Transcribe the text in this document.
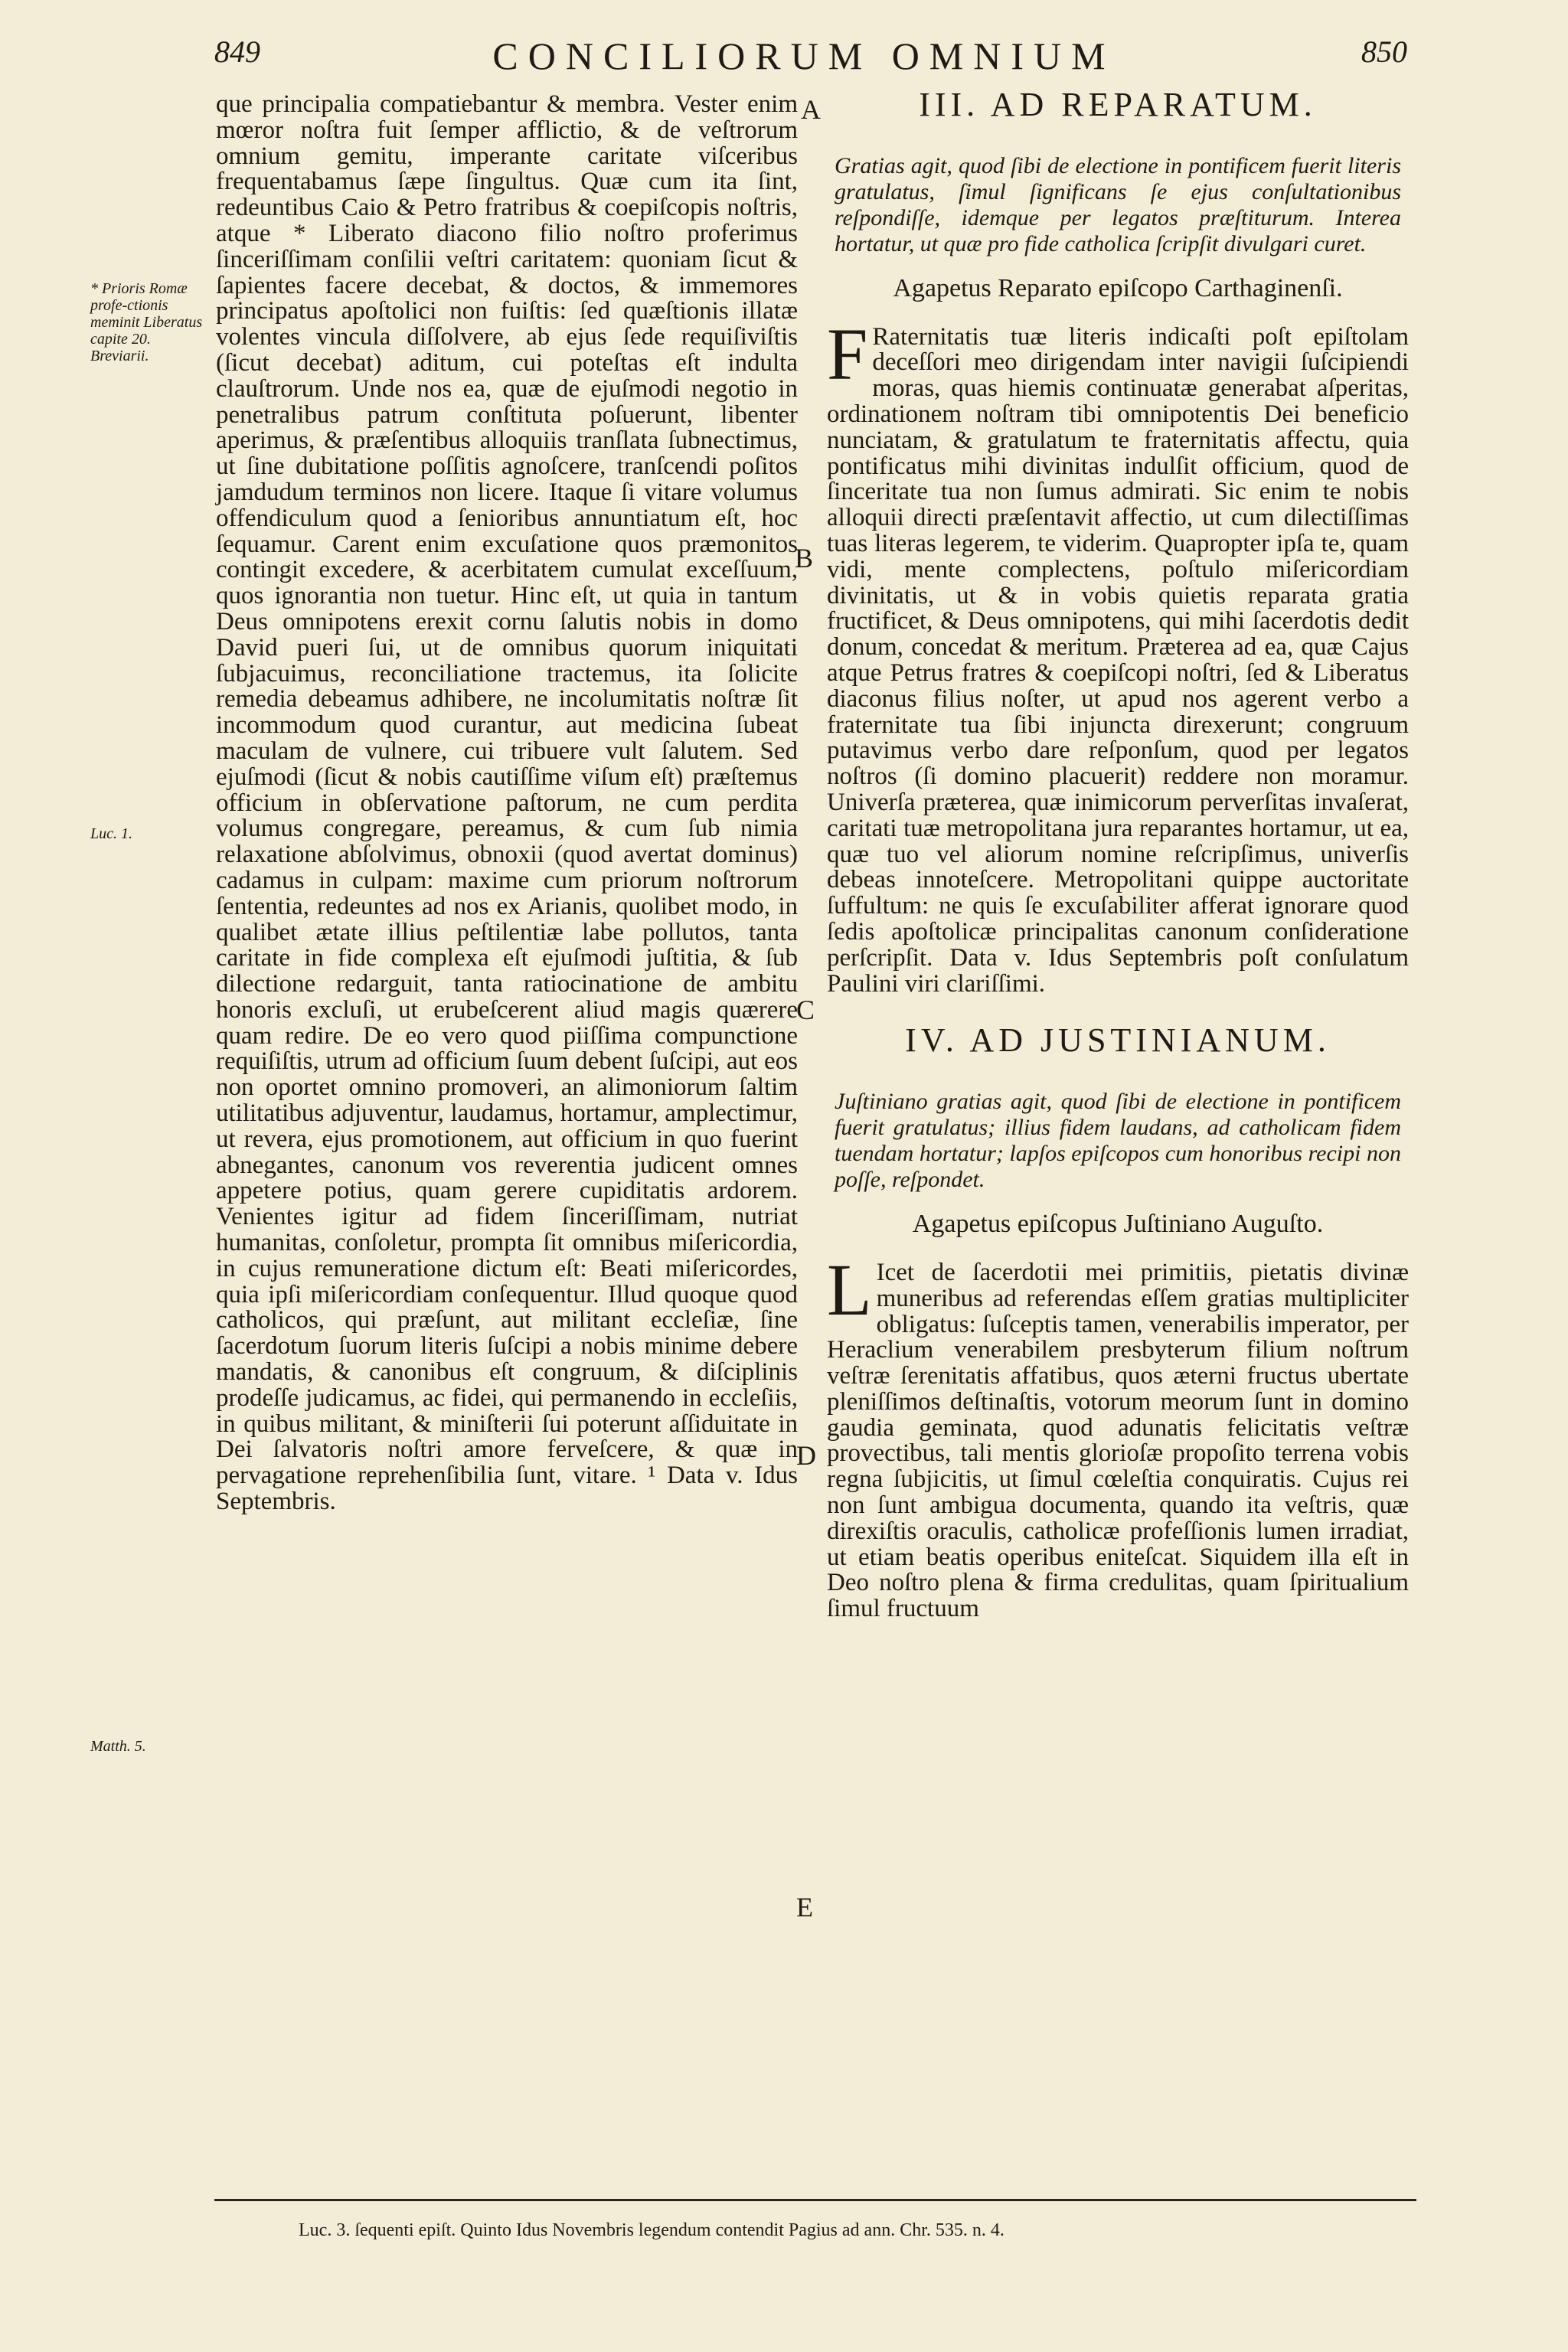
849	CONCILIORUM OMNIUM	850

que principalia compatiebantur & membra. Vester enim mœror noſtra fuit ſemper afflictio, & de veſtrorum omnium gemitu, imperante caritate viſceribus frequentabamus ſæpe ſingultus. Quæ cum ita ſint, redeuntibus Caio & Petro fratribus & coepiſcopis noſtris, atque * Liberato diacono filio noſtro proferimus ſinceriſſimam conſilii veſtri caritatem: quoniam ſicut & ſapientes facere decebat, & doctos, & immemores principatus apoſtolici non fuiſtis: ſed quæſtionis illatæ volentes vincula diſſolvere, ab ejus ſede requiſiviſtis (ſicut decebat) aditum, cui poteſtas eſt indulta clauſtrorum. Unde nos ea, quæ de ejuſmodi negotio in penetralibus patrum conſtituta poſuerunt, libenter aperimus, & præſentibus alloquiis tranſlata ſubnectimus, ut ſine dubitatione poſſitis agnoſcere, tranſcendi poſitos jamdudum terminos non licere. Itaque ſi vitare volumus offendiculum quod a ſenioribus annuntiatum eſt, hoc ſequamur. Carent enim excuſatione quos præmonitos contingit excedere, & acerbitatem cumulat exceſſuum, quos ignorantia non tuetur. Hinc eſt, ut quia in tantum Deus omnipotens erexit cornu ſalutis nobis in domo David pueri ſui, ut de omnibus quorum iniquitati ſubjacuimus, reconciliatione tractemus, ita ſolicite remedia debeamus adhibere, ne incolumitatis noſtræ ſit incommodum quod curantur, aut medicina ſubeat maculam de vulnere, cui tribuere vult ſalutem. Sed ejuſmodi (ſicut & nobis cautiſſime viſum eſt) præſtemus officium in obſervatione paſtorum, ne cum perdita volumus congregare, pereamus, & cum ſub nimia relaxatione abſolvimus, obnoxii (quod avertat dominus) cadamus in culpam: maxime cum priorum noſtrorum ſententia, redeuntes ad nos ex Arianis, quolibet modo, in qualibet ætate illius peſtilentiæ labe pollutos, tanta caritate in fide complexa eſt ejuſmodi juſtitia, & ſub dilectione redarguit, tanta ratiocinatione de ambitu honoris excluſi, ut erubeſcerent aliud magis quærere quam redire. De eo vero quod piiſſima compunctione requiſiſtis, utrum ad officium ſuum debent ſuſcipi, aut eos non oportet omnino promoveri, an alimoniorum ſaltim utilitatibus adjuventur, laudamus, hortamur, amplectimur, ut revera, ejus promotionem, aut officium in quo fuerint abnegantes, canonum vos reverentia judicent omnes appetere potius, quam gerere cupiditatis ardorem. Venientes igitur ad fidem ſinceriſſimam, nutriat humanitas, conſoletur, prompta ſit omnibus miſericordia, in cujus remuneratione dictum eſt: Beati miſericordes, quia ipſi miſericordiam conſequentur. Illud quoque quod catholicos, qui præſunt, aut militant eccleſiæ, ſine ſacerdotum ſuorum literis ſuſcipi a nobis minime debere mandatis, & canonibus eſt congruum, & diſciplinis prodeſſe judicamus, ac fidei, qui permanendo in eccleſiis, in quibus militant, & miniſterii ſui poterunt aſſiduitate in Dei ſalvatoris noſtri amore ferveſcere, & quæ in pervagatione reprehenſibilia ſunt, vitare. ¹ Data v. Idus Septembris.

* Prioris Romæ profe-ctionis meminit Liberatus capite 20. Breviarii.
Luc. 1.
Matth. 5.
A
B
C
D
E

III. AD REPARATUM.

Gratias agit, quod ſibi de electione in pontificem fuerit literis gratulatus, ſimul ſignificans ſe ejus conſultationibus reſpondiſſe, idemque per legatos præſtiturum. Interea hortatur, ut quæ pro fide catholica ſcripſit divulgari curet.

Agapetus Reparato epiſcopo Carthaginenſi.

F Raternitatis tuæ literis indicaſti poſt epiſtolam deceſſori meo dirigendam inter navigii ſuſcipiendi moras, quas hiemis continuatæ generabat aſperitas, ordinationem noſtram tibi omnipotentis Dei beneficio nunciatam, & gratulatum te fraternitatis affectu, quia pontificatus mihi divinitas indulſit officium, quod de ſinceritate tua non ſumus admirati. Sic enim te nobis alloquii directi præſentavit affectio, ut cum dilectiſſimas tuas literas legerem, te viderim. Quapropter ipſa te, quam vidi, mente complectens, poſtulo miſericordiam divinitatis, ut & in vobis quietis reparata gratia fructificet, & Deus omnipotens, qui mihi ſacerdotis dedit donum, concedat & meritum. Præterea ad ea, quæ Cajus atque Petrus fratres & coepiſcopi noſtri, ſed & Liberatus diaconus filius noſter, ut apud nos agerent verbo a fraternitate tua ſibi injuncta direxerunt; congruum putavimus verbo dare reſponſum, quod per legatos noſtros (ſi domino placuerit) reddere non moramur. Univerſa præterea, quæ inimicorum perverſitas invaſerat, caritati tuæ metropolitana jura reparantes hortamur, ut ea, quæ tuo vel aliorum nomine reſcripſimus, univerſis debeas innoteſcere. Metropolitani quippe auctoritate ſuffultum: ne quis ſe excuſabiliter afferat ignorare quod ſedis apoſtolicæ principalitas canonum conſideratione perſcripſit. Data v. Idus Septembris poſt conſulatum Paulini viri clariſſimi.

IV. AD JUSTINIANUM.

Juſtiniano gratias agit, quod ſibi de electione in pontificem fuerit gratulatus; illius fidem laudans, ad catholicam fidem tuendam hortatur; lapſos epiſcopos cum honoribus recipi non poſſe, reſpondet.

Agapetus epiſcopus Juſtiniano Auguſto.

L Icet de ſacerdotii mei primitiis, pietatis divinæ muneribus ad referendas eſſem gratias multipliciter obligatus: ſuſceptis tamen, venerabilis imperator, per Heraclium venerabilem presbyterum filium noſtrum veſtræ ſerenitatis affatibus, quos æterni fructus ubertate pleniſſimos deſtinaſtis, votorum meorum ſunt in domino gaudia geminata, quod adunatis felicitatis veſtræ provectibus, tali mentis glorioſæ propoſito terrena vobis regna ſubjicitis, ut ſimul cœleſtia conquiratis. Cujus rei non ſunt ambigua documenta, quando ita veſtris, quæ direxiſtis oraculis, catholicæ profeſſionis lumen irradiat, ut etiam beatis operibus eniteſcat. Siquidem illa eſt in Deo noſtro plena & firma credulitas, quam ſpiritualium ſimul fructuum

Luc. 3. ſequenti epiſt. Quinto Idus Novembris legendum contendit Pagius ad ann. Chr. 535. n. 4.
